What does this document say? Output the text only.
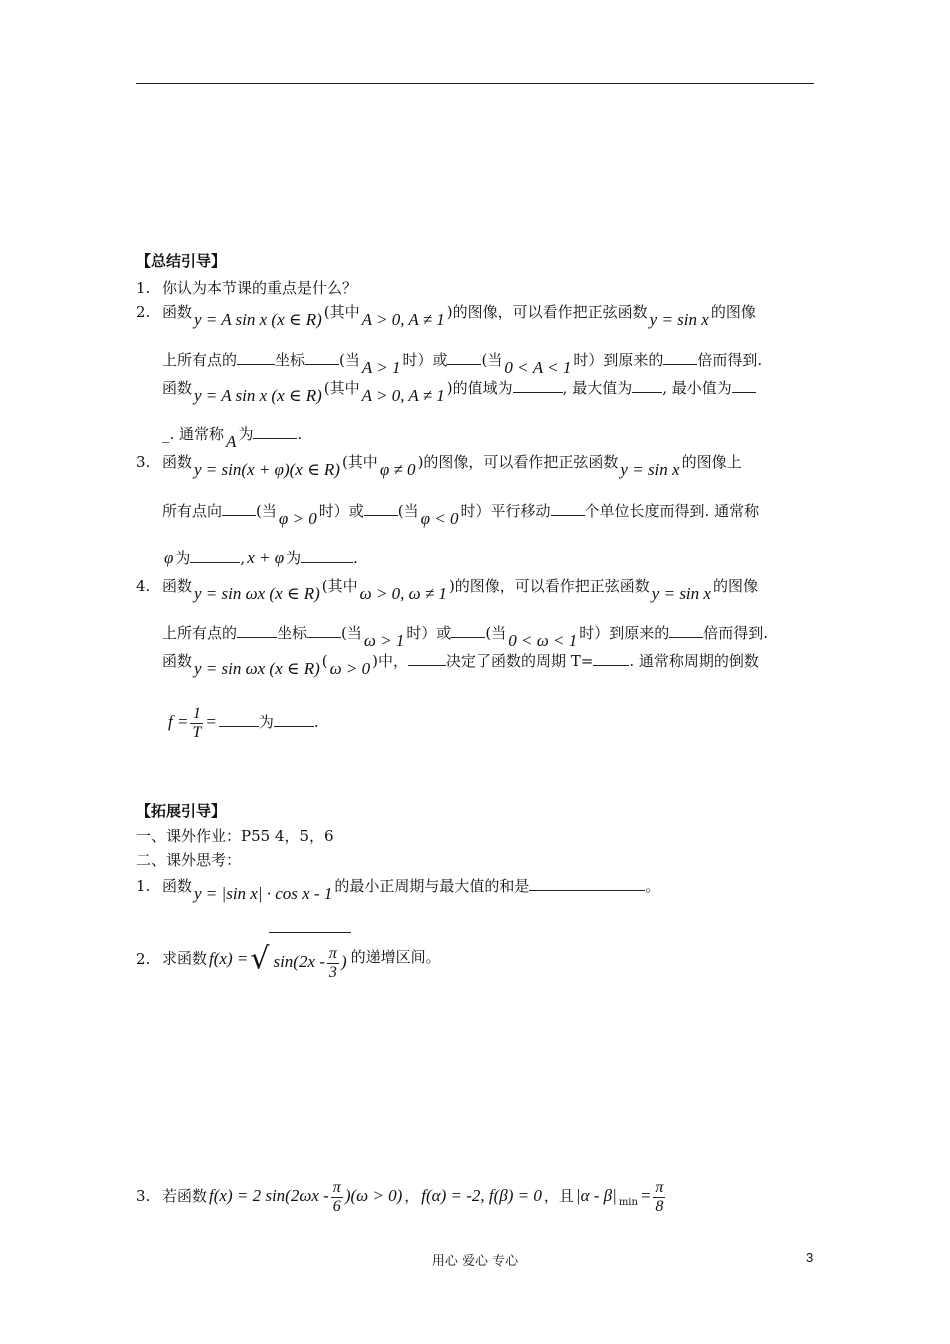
【总结引导】
1. 你认为本节课的重点是什么？
2. 函数 y = A sin x (x ∈ R) (其中 A > 0, A ≠ 1 )的图像，可以看作把正弦函数 y = sin x 的图像
上所有点的	坐标 (当 A > 1 时）或 (当 0 < A < 1 时）到原来的 倍而得到.
函数 y = A sin x (x ∈ R) (其中 A > 0, A ≠ 1 )的值域为	, 最大值为 , 最小值为
_. 通常称 A 为	.
3. 函数 y = sin(x + φ)(x ∈ R) (其中 φ ≠ 0 )的图像，可以看作把正弦函数 y = sin x 的图像上
所有点向 (当 φ > 0 时）或 (当 φ < 0 时）平行移动 个单位长度而得到. 通常称
φ 为	, x + φ 为	.
4. 函数 y = sin ωx (x ∈ R) (其中 ω > 0, ω ≠ 1 )的图像，可以看作把正弦函数 y = sin x 的图像
上所有点的	坐标 (当 ω > 1 时）或 (当 0 < ω < 1 时）到原来的 倍而得到.
函数 y = sin ωx (x ∈ R) ( ω > 0 )中，	决定了函数的周期 T= . 通常称周期的倒数
$f = \frac{1}{T}$ =	为	.
【拓展引导】
一、课外作业：P55 4，5，6
二、课外思考：
1. 函数 y = |sin x| · cos x - 1 的最小正周期与最大值的和是	。
2. 求函数 f(x) =√ $\sin(2x - \frac{\pi}{3}$ ) 的递增区间。
3. 若函数 f(x) = 2 $\sin(2\omega x - \frac{\pi}{6} )(\omega > 0)$ ， f(α) = -2, f(β) = 0 ，且 |α - β| $_{min} = \frac{\pi}{8}$
用心 爱心 专心	3
